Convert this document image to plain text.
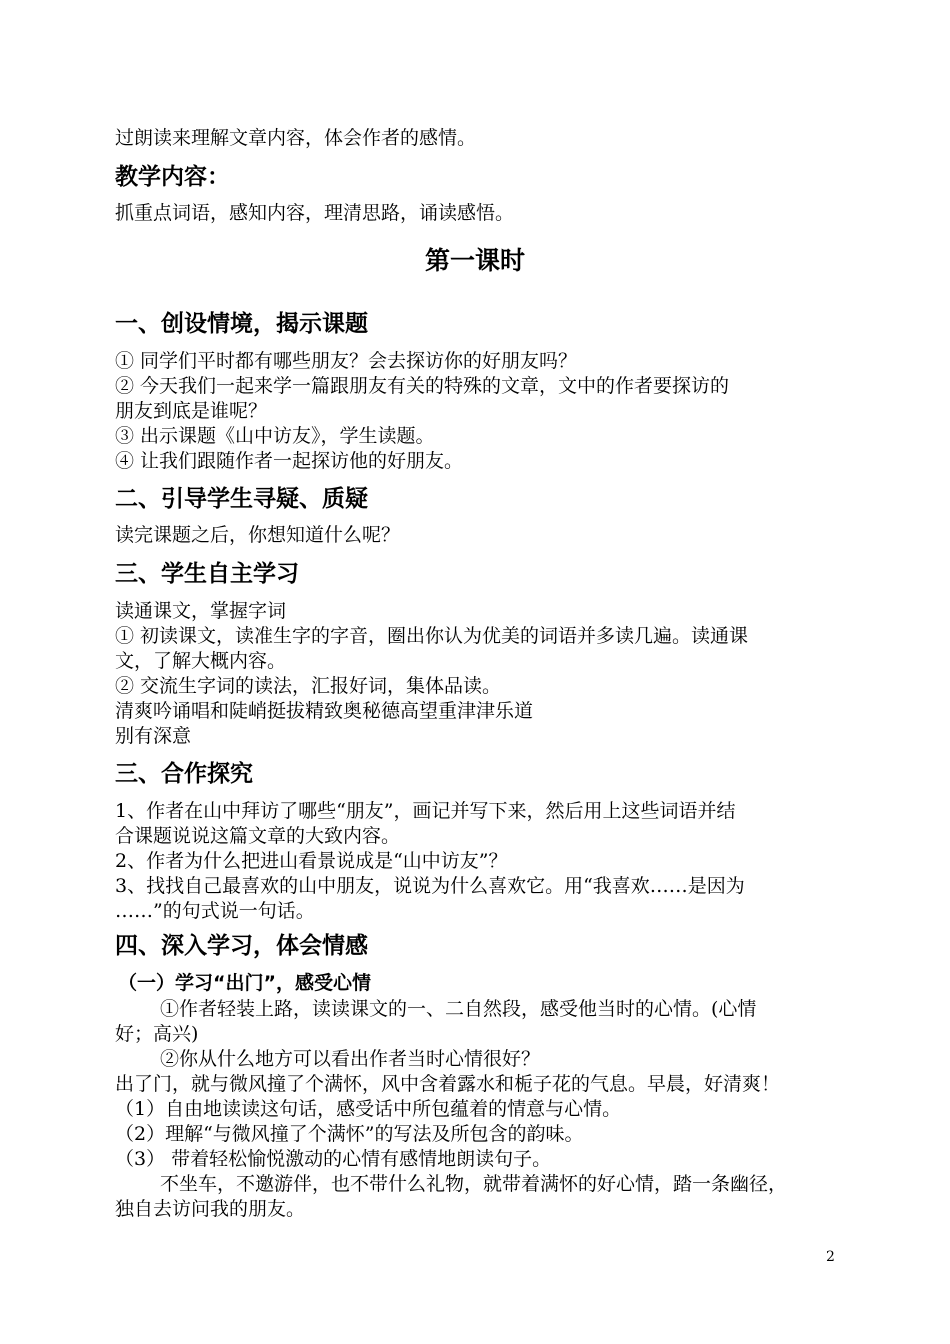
过朗读来理解文章内容，体会作者的感情。
教学内容：
抓重点词语，感知内容，理清思路，诵读感悟。
第一课时
一、创设情境，揭示课题
① 同学们平时都有哪些朋友？会去探访你的好朋友吗？
② 今天我们一起来学一篇跟朋友有关的特殊的文章，文中的作者要探访的
朋友到底是谁呢？
③ 出示课题《山中访友》，学生读题。
④ 让我们跟随作者一起探访他的好朋友。
二、引导学生寻疑、质疑
读完课题之后，你想知道什么呢？
三、学生自主学习
读通课文，掌握字词
① 初读课文，读准生字的字音，圈出你认为优美的词语并多读几遍。读通课
文，了解大概内容。
② 交流生字词的读法，汇报好词，集体品读。
清爽吟诵唱和陡峭挺拔精致奥秘德高望重津津乐道
别有深意
三、合作探究
1、作者在山中拜访了哪些“朋友”，画记并写下来，然后用上这些词语并结
合课题说说这篇文章的大致内容。
2、作者为什么把进山看景说成是“山中访友”？
3、找找自己最喜欢的山中朋友，说说为什么喜欢它。用“我喜欢……是因为
……”的句式说一句话。
四、深入学习，体会情感
（一）学习“出门”，感受心情
①作者轻装上路，读读课文的一、二自然段，感受他当时的心情。(心情
好；高兴)
②你从什么地方可以看出作者当时心情很好？
出了门，就与微风撞了个满怀，风中含着露水和栀子花的气息。早晨，好清爽！
（1）自由地读读这句话，感受话中所包蕴着的情意与心情。
（2）理解“与微风撞了个满怀”的写法及所包含的韵味。
（3） 带着轻松愉悦激动的心情有感情地朗读句子。
不坐车，不邀游伴，也不带什么礼物，就带着满怀的好心情，踏一条幽径，
独自去访问我的朋友。
2
